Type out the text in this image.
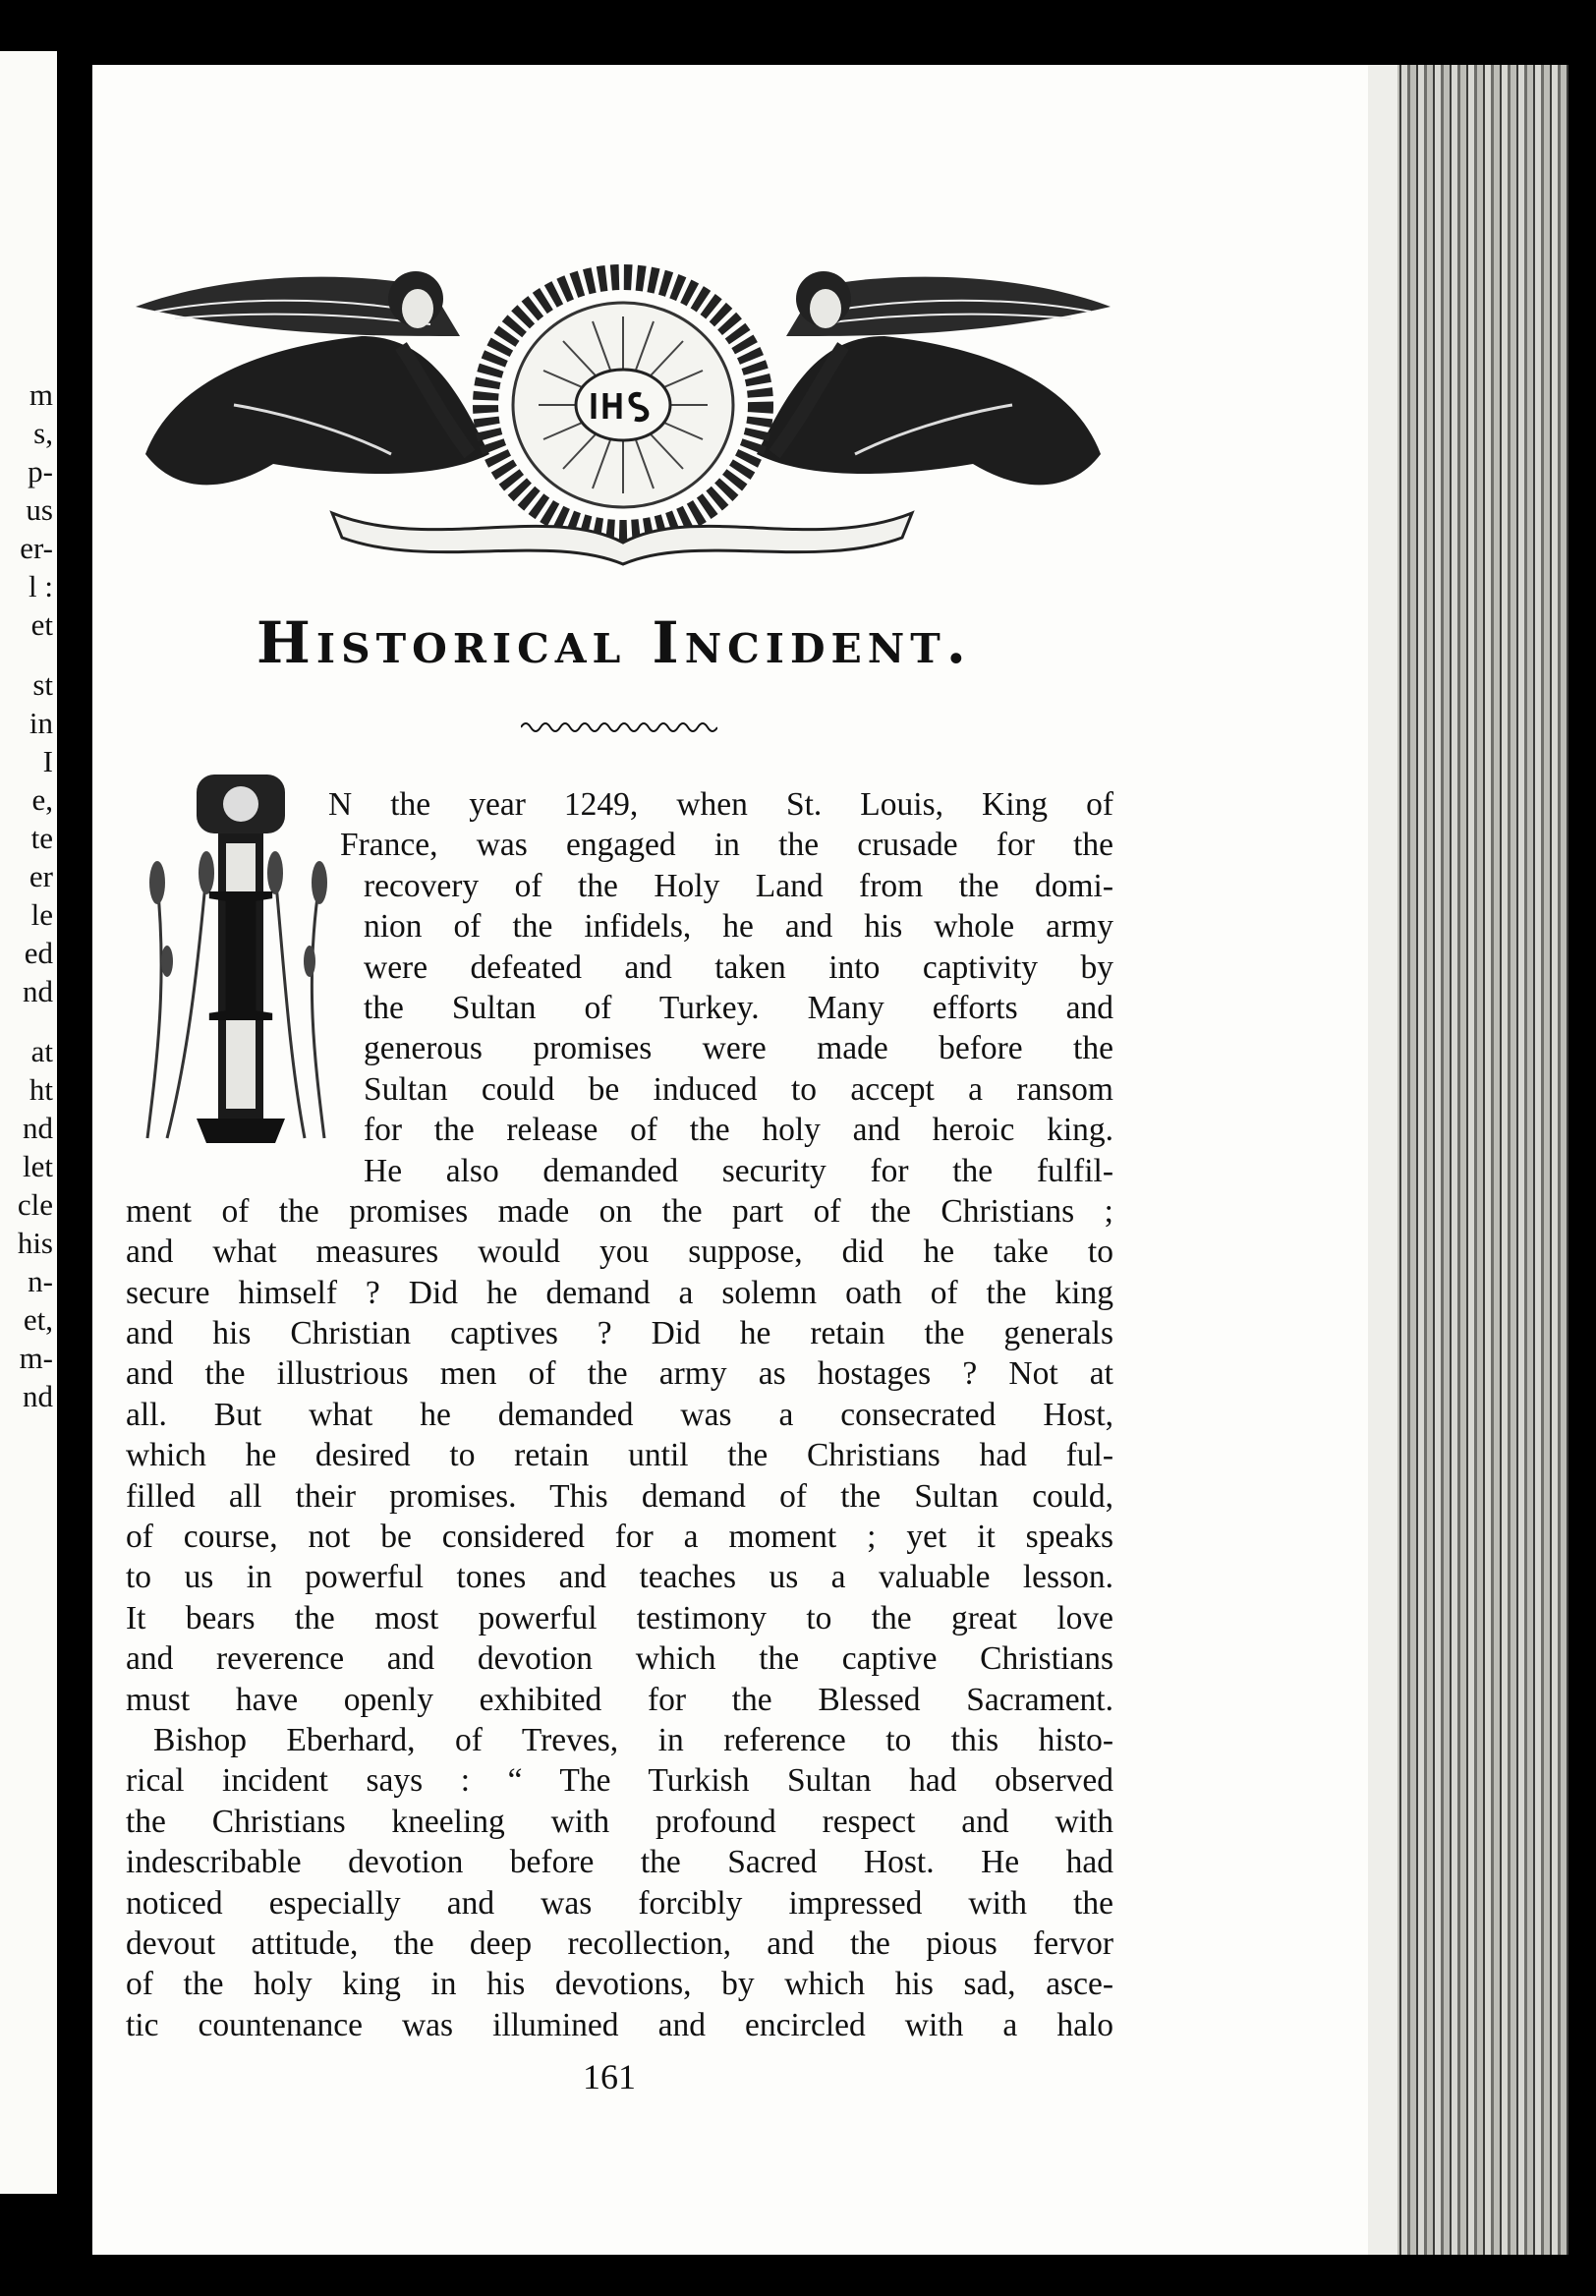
m
s,
p-
us
er-
l :
et
st
in
I
e,
te
er
le
ed
nd
at
ht
nd
let
cle
his
n-
et,
m-
nd
Historical Incident.
I
N the year 1249, when St. Louis, King of
France, was engaged in the crusade for the
recovery of the Holy Land from the domi-
nion of the infidels, he and his whole army
were defeated and taken into captivity by
the Sultan of Turkey. Many efforts and
generous promises were made before the
Sultan could be induced to accept a ransom
for the release of the holy and heroic king.
He also demanded security for the fulfil-
ment of the promises made on the part of the Christians ;
and what measures would you suppose, did he take to
secure himself ? Did he demand a solemn oath of the king
and his Christian captives ? Did he retain the generals
and the illustrious men of the army as hostages ? Not at
all. But what he demanded was a consecrated Host,
which he desired to retain until the Christians had ful-
filled all their promises. This demand of the Sultan could,
of course, not be considered for a moment ; yet it speaks
to us in powerful tones and teaches us a valuable lesson.
It bears the most powerful testimony to the great love
and reverence and devotion which the captive Christians
must have openly exhibited for the Blessed Sacrament.
Bishop Eberhard, of Treves, in reference to this histo-
rical incident says : “ The Turkish Sultan had observed
the Christians kneeling with profound respect and with
indescribable devotion before the Sacred Host. He had
noticed especially and was forcibly impressed with the
devout attitude, the deep recollection, and the pious fervor
of the holy king in his devotions, by which his sad, asce-
tic countenance was illumined and encircled with a halo
161
